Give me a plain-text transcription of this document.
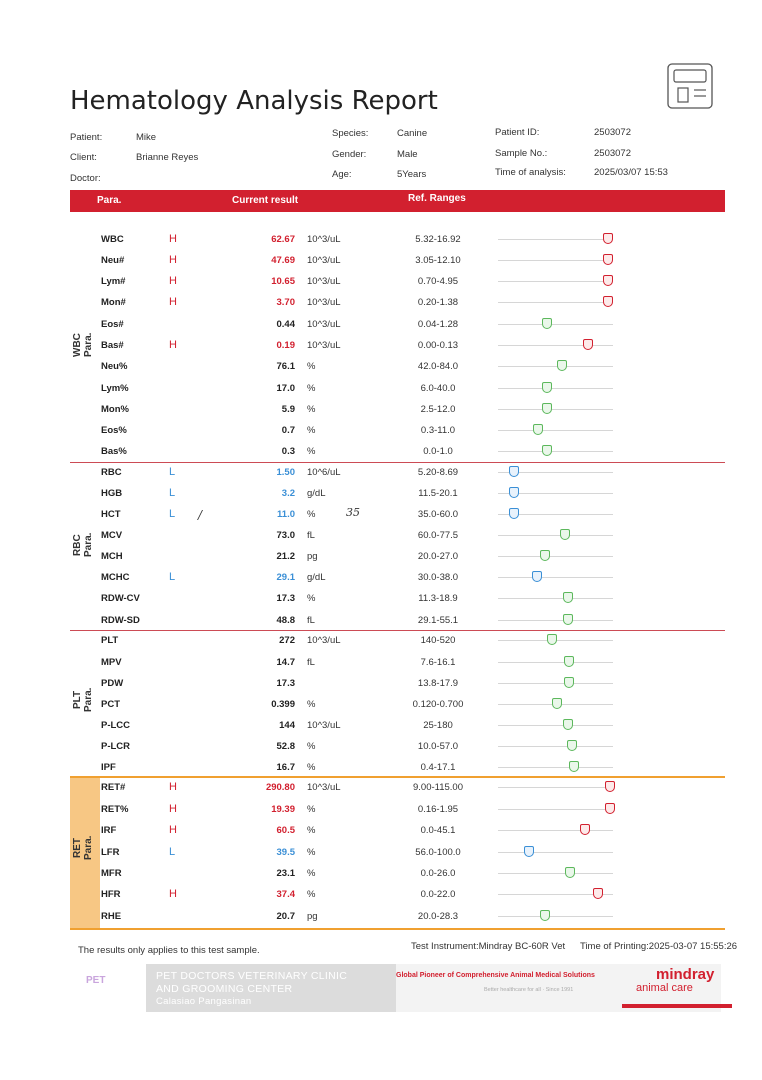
Hematology Analysis Report
Patient:	Mike
Client:	Brianne Reyes
Doctor:
Species:	Canine
Gender:	Male
Age:	5Years
Patient ID:	2503072
Sample No.:	2503072
Time of analysis:	2025/03/07 15:53
Para.	Current result	Ref. Ranges
WBC
Para.
RBC
Para.
PLT
Para.
RET
Para.
WBC	H	62.67 10^3/uL	5.32-16.92
Neu#	H	47.69 10^3/uL	3.05-12.10
Lym#	H	10.65 10^3/uL	0.70-4.95
Mon#	H	3.70 10^3/uL	0.20-1.38
Eos#	0.44 10^3/uL	0.04-1.28
Bas#	H	0.19 10^3/uL	0.00-0.13
Neu%	76.1 %	42.0-84.0
Lym%	17.0 %	6.0-40.0
Mon%	5.9 %	2.5-12.0
Eos%	0.7 %	0.3-11.0
Bas%	0.3 %	0.0-1.0
RBC	L	1.50 10^6/uL	5.20-8.69
HGB	L	3.2 g/dL	11.5-20.1
HCT	L	11.0 %	35.0-60.0
MCV	73.0 fL	60.0-77.5
MCH	21.2 pg	20.0-27.0
MCHC	L	29.1 g/dL	30.0-38.0
RDW-CV	17.3 %	11.3-18.9
RDW-SD	48.8 fL	29.1-55.1
PLT	272 10^3/uL	140-520
MPV	14.7 fL	7.6-16.1
PDW	17.3	13.8-17.9
PCT	0.399 %	0.120-0.700
P-LCC	144 10^3/uL	25-180
P-LCR	52.8 %	10.0-57.0
IPF	16.7 %	0.4-17.1
RET#	H	290.80 10^3/uL	9.00-115.00
RET%	H	19.39 %	0.16-1.95
IRF	H	60.5 %	0.0-45.1
LFR	L	39.5 %	56.0-100.0
MFR	23.1 %	0.0-26.0
HFR	H	37.4 %	0.0-22.0
RHE	20.7 pg	20.0-28.3
/	35
The results only applies to this test sample.	Test Instrument:Mindray BC-60R Vet Time of Printing:2025-03-07 15:55:26
PET	PET DOCTORS VETERINARY CLINIC
AND GROOMING CENTER
Calasiao Pangasinan
Global Pioneer of Comprehensive Animal Medical Solutions
Better healthcare for all · Since 1991
mindray
animal care
